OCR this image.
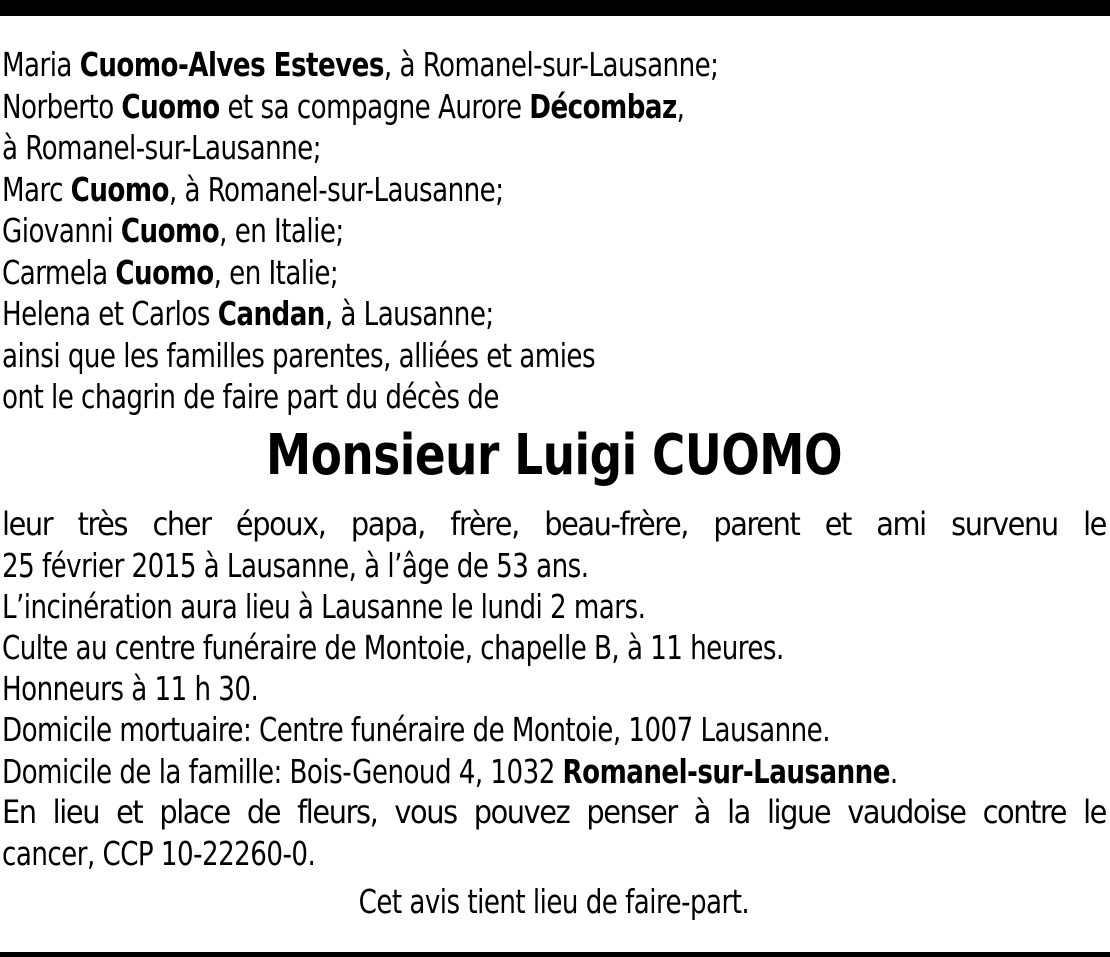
Maria Cuomo-Alves Esteves, à Romanel-sur-Lausanne;
Norberto Cuomo et sa compagne Aurore Décombaz,
à Romanel-sur-Lausanne;
Marc Cuomo, à Romanel-sur-Lausanne;
Giovanni Cuomo, en Italie;
Carmela Cuomo, en Italie;
Helena et Carlos Candan, à Lausanne;
ainsi que les familles parentes, alliées et amies
ont le chagrin de faire part du décès de
Monsieur Luigi CUOMO
leur très cher époux, papa, frère, beau-frère, parent et ami survenu le
25 février 2015 à Lausanne, à l’âge de 53 ans.
L’incinération aura lieu à Lausanne le lundi 2 mars.
Culte au centre funéraire de Montoie, chapelle B, à 11 heures.
Honneurs à 11 h 30.
Domicile mortuaire: Centre funéraire de Montoie, 1007 Lausanne.
Domicile de la famille: Bois-Genoud 4, 1032 Romanel-sur-Lausanne.
En lieu et place de fleurs, vous pouvez penser à la ligue vaudoise contre le
cancer, CCP 10-22260-0.
Cet avis tient lieu de faire-part.
